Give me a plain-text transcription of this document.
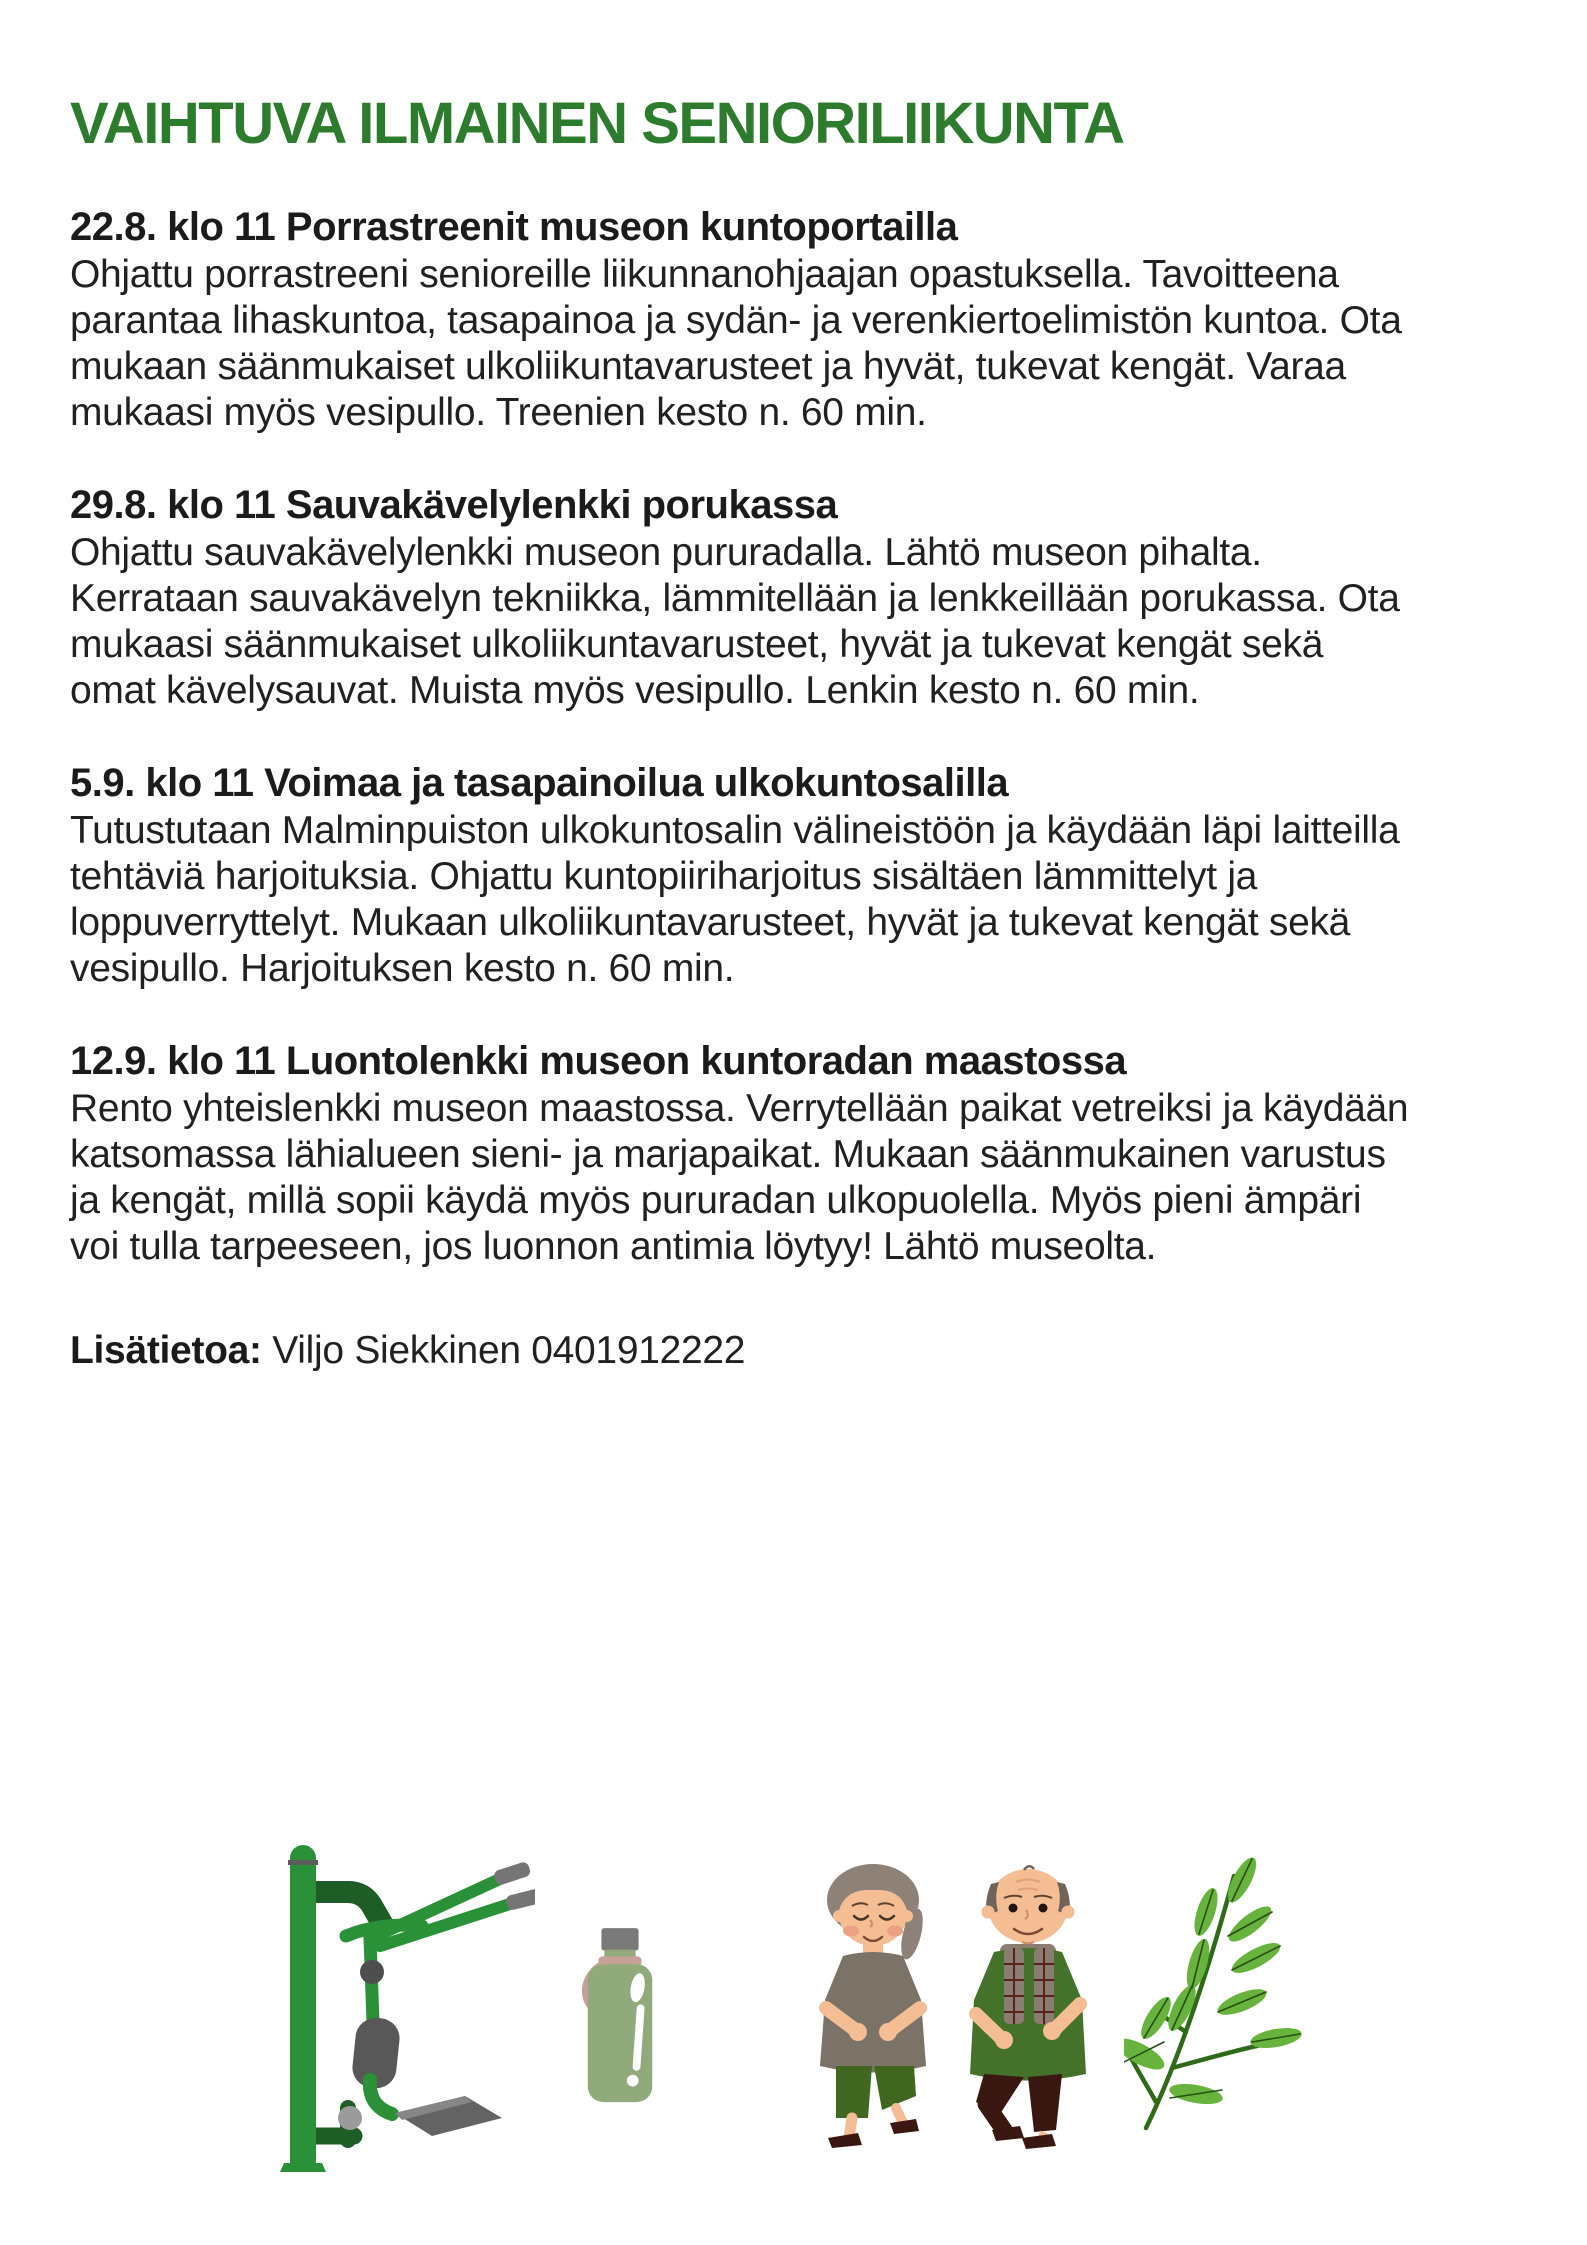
VAIHTUVA ILMAINEN SENIORILIIKUNTA
22.8. klo 11 Porrastreenit museon kuntoportailla

Ohjattu porrastreeni senioreille liikunnanohjaajan opastuksella. Tavoitteena parantaa lihaskuntoa, tasapainoa ja sydän- ja verenkiertoelimistön kuntoa. Ota mukaan säänmukaiset ulkoliikuntavarusteet ja hyvät, tukevat kengät. Varaa mukaasi myös vesipullo. Treenien kesto n. 60 min.

29.8. klo 11 Sauvakävelylenkki porukassa

Ohjattu sauvakävelylenkki museon pururadalla. Lähtö museon pihalta. Kerrataan sauvakävelyn tekniikka, lämmitellään ja lenkkeillään porukassa. Ota mukaasi säänmukaiset ulkoliikuntavarusteet, hyvät ja tukevat kengät sekä omat kävelysauvat. Muista myös vesipullo. Lenkin kesto n. 60 min.

5.9. klo 11 Voimaa ja tasapainoilua ulkokuntosalilla

Tutustutaan Malminpuiston ulkokuntosalin välineistöön ja käydään läpi laitteilla tehtäviä harjoituksia. Ohjattu kuntopiiriharjoitus sisältäen lämmittelyt ja loppuverryttelyt. Mukaan ulkoliikuntavarusteet, hyvät ja tukevat kengät sekä vesipullo. Harjoituksen kesto n. 60 min.

12.9. klo 11 Luontolenkki museon kuntoradan maastossa

Rento yhteislenkki museon maastossa. Verrytellään paikat vetreiksi ja käydään katsomassa lähialueen sieni- ja marjapaikat. Mukaan säänmukainen varustus ja kengät, millä sopii käydä myös pururadan ulkopuolella. Myös pieni ämpäri voi tulla tarpeeseen, jos luonnon antimia löytyy! Lähtö museolta.

Lisätietoa: Viljo Siekkinen 0401912222
